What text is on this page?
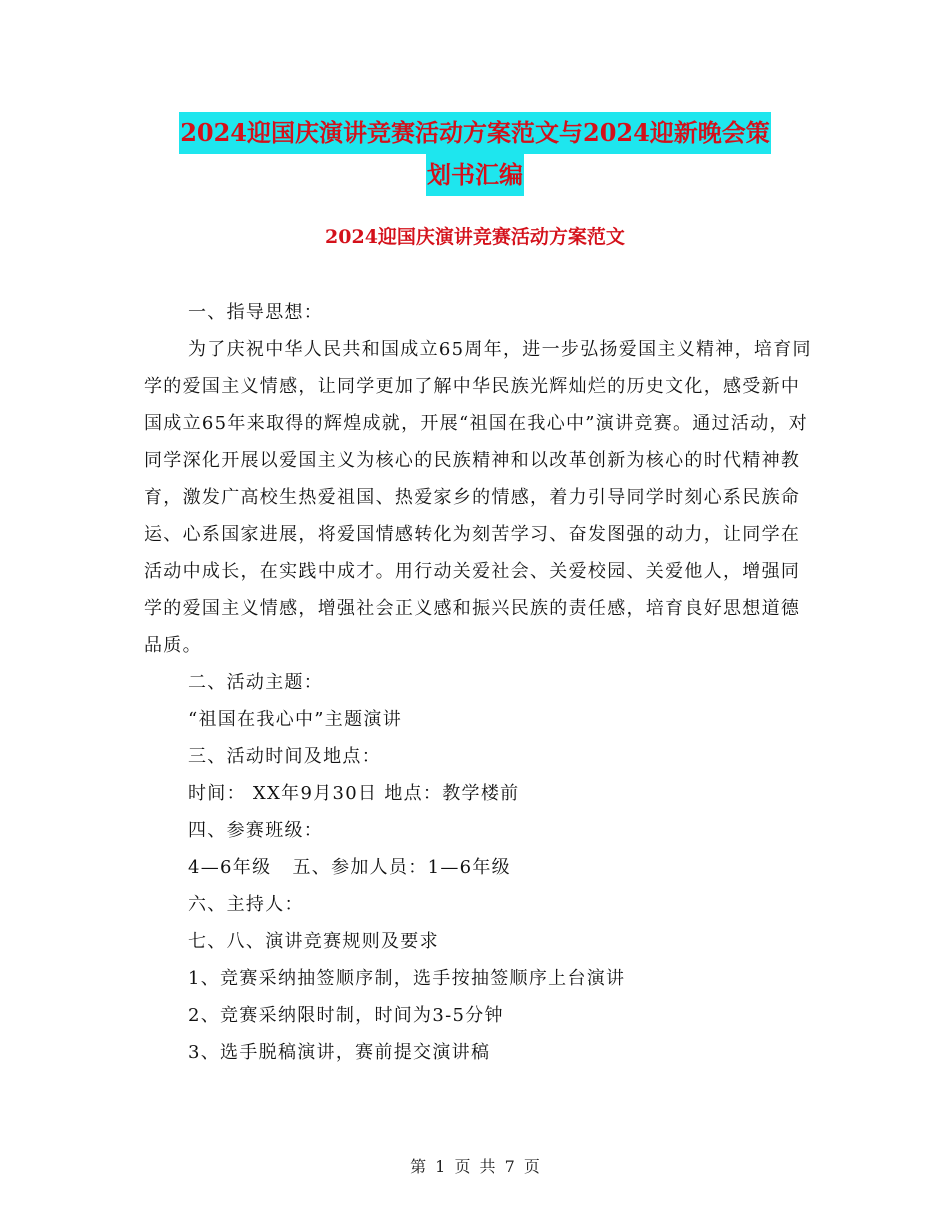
2024迎国庆演讲竞赛活动方案范文与2024迎新晚会策
划书汇编
2024迎国庆演讲竞赛活动方案范文

一、指导思想：

为了庆祝中华人民共和国成立65周年，进一步弘扬爱国主义精神，培育同学的爱国主义情感，让同学更加了解中华民族光辉灿烂的历史文化，感受新中国成立65年来取得的辉煌成就，开展“祖国在我心中”演讲竞赛。通过活动，对同学深化开展以爱国主义为核心的民族精神和以改革创新为核心的时代精神教育，激发广高校生热爱祖国、热爱家乡的情感，着力引导同学时刻心系民族命运、心系国家进展，将爱国情感转化为刻苦学习、奋发图强的动力，让同学在活动中成长，在实践中成才。用行动关爱社会、关爱校园、关爱他人，增强同学的爱国主义情感，增强社会正义感和振兴民族的责任感，培育良好思想道德品质。

二、活动主题：

“祖国在我心中”主题演讲

三、活动时间及地点：

时间： XX年9月30日 地点：教学楼前

四、参赛班级：

4—6年级   五、参加人员：1—6年级

六、主持人：

七、八、演讲竞赛规则及要求

1、竞赛采纳抽签顺序制，选手按抽签顺序上台演讲

2、竞赛采纳限时制，时间为3-5分钟

3、选手脱稿演讲，赛前提交演讲稿

第 1 页 共 7 页
